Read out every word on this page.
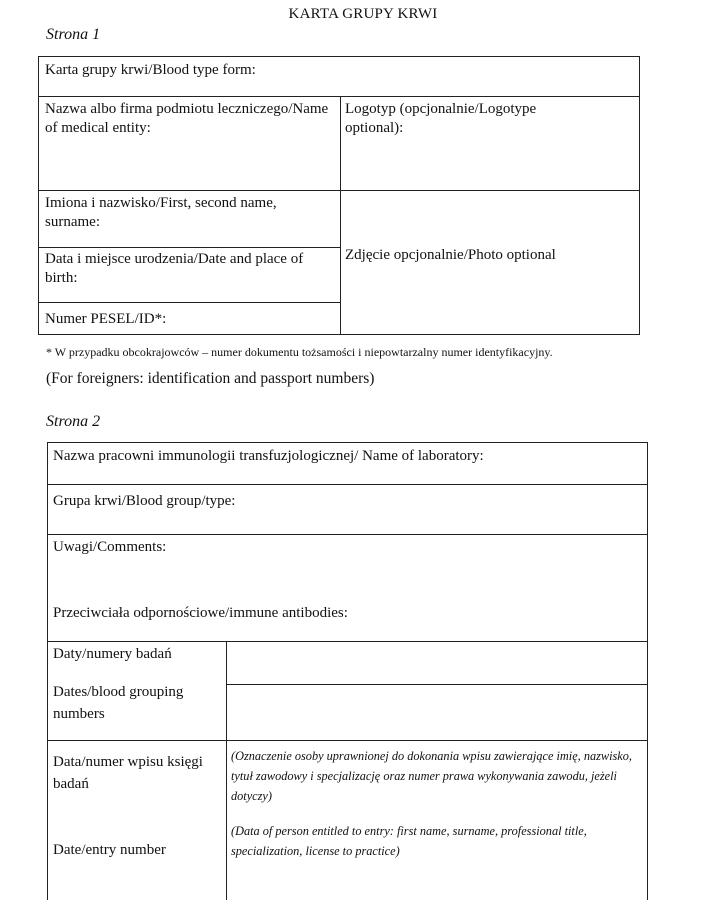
KARTA GRUPY KRWI
Strona 1
Karta grupy krwi/Blood type form:
Nazwa albo firma podmiotu leczniczego/Name of medical entity:
Logotyp (opcjonalnie/Logotype optional):
Imiona i nazwisko/First, second name, surname:
Data i miejsce urodzenia/Date and place of birth:
Numer PESEL/ID*:
Zdjęcie opcjonalnie/Photo optional
* W przypadku obcokrajowców – numer dokumentu tożsamości i niepowtarzalny numer identyfikacyjny.
(For foreigners: identification and passport numbers)
Strona 2
Nazwa pracowni immunologii transfuzjologicznej/ Name of laboratory:
Grupa krwi/Blood group/type:
Uwagi/Comments:
Przeciwciała odpornościowe/immune antibodies:
Daty/numery badań
Dates/blood grouping numbers
Data/numer wpisu księgi badań
Date/entry number
(Oznaczenie osoby uprawnionej do dokonania wpisu zawierające imię, nazwisko, tytuł zawodowy i specjalizację oraz numer prawa wykonywania zawodu, jeżeli dotyczy)
(Data of person entitled to entry: first name, surname, professional title, specialization, license to practice)
